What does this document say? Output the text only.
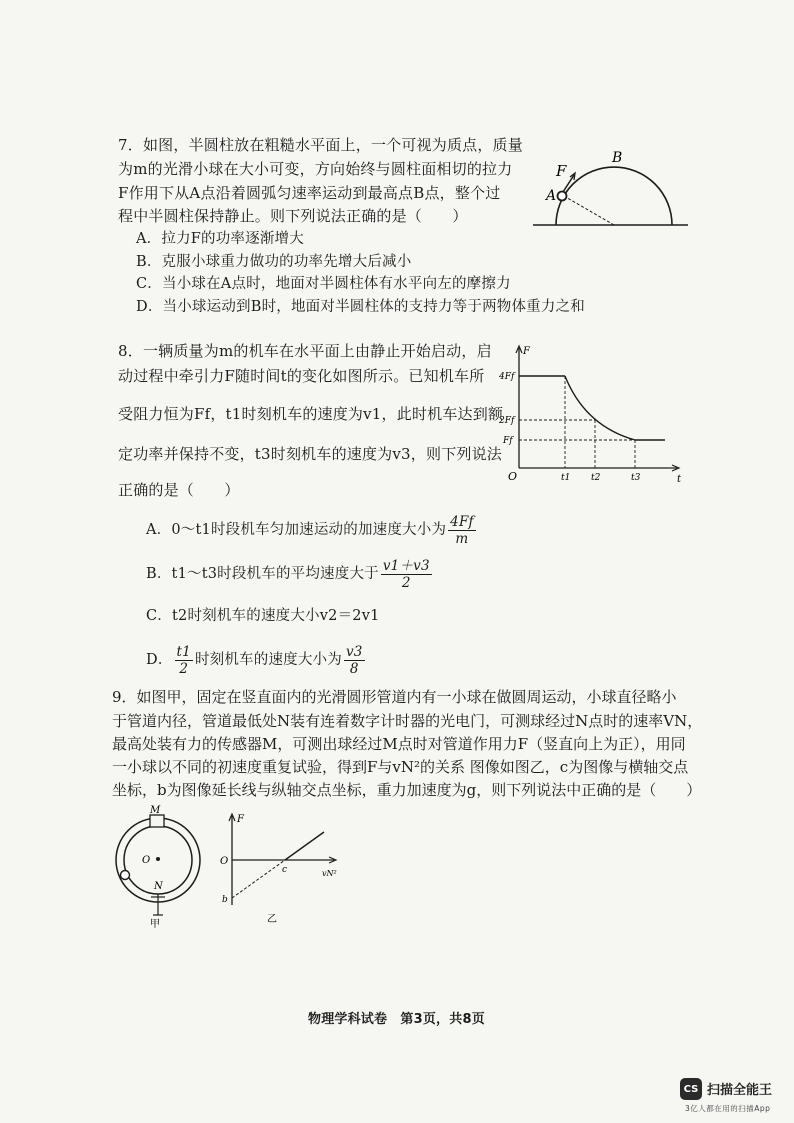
7．如图，半圆柱放在粗糙水平面上，一个可视为质点，质量
为m的光滑小球在大小可变，方向始终与圆柱面相切的拉力
F作用下从A点沿着圆弧匀速率运动到最高点B点，整个过
程中半圆柱保持静止。则下列说法正确的是（　　）
A．拉力F的功率逐渐增大
B．克服小球重力做功的功率先增大后减小
C．当小球在A点时，地面对半圆柱体有水平向左的摩擦力
D．当小球运动到B时，地面对半圆柱体的支持力等于两物体重力之和
F
A
B
8．一辆质量为m的机车在水平面上由静止开始启动，启
动过程中牵引力F随时间t的变化如图所示。已知机车所
受阻力恒为Ff，t1时刻机车的速度为v1，此时机车达到额
定功率并保持不变，t3时刻机车的速度为v3，则下列说法
正确的是（　　）
A．0～t1时段机车匀加速运动的加速度大小为 $\frac{4Ff}{m}$
B．t1～t3时段机车的平均速度大于 $\frac{v1+v3}{2}$
C．t2时刻机车的速度大小v2＝2v1
D． $\frac{t1}{2}$ 时刻机车的速度大小为 $\frac{v3}{8}$
F
t
O
4Ff
2Ff
Ff
t1 t2	t3
9．如图甲，固定在竖直面内的光滑圆形管道内有一小球在做圆周运动，小球直径略小
于管道内径，管道最低处N装有连着数字计时器的光电门，可测球经过N点时的速率VN，
最高处装有力的传感器M，可测出球经过M点时对管道作用力F（竖直向上为正），用同
一小球以不同的初速度重复试验，得到F与vN²的关系 图像如图乙，c为图像与横轴交点
坐标，b为图像延长线与纵轴交点坐标，重力加速度为g，则下列说法中正确的是（　　）
M
O
N
甲
F
O
c
b
vN²
乙
物理学科试卷　第3页，共8页
CS 扫描全能王
3亿人都在用的扫描App
